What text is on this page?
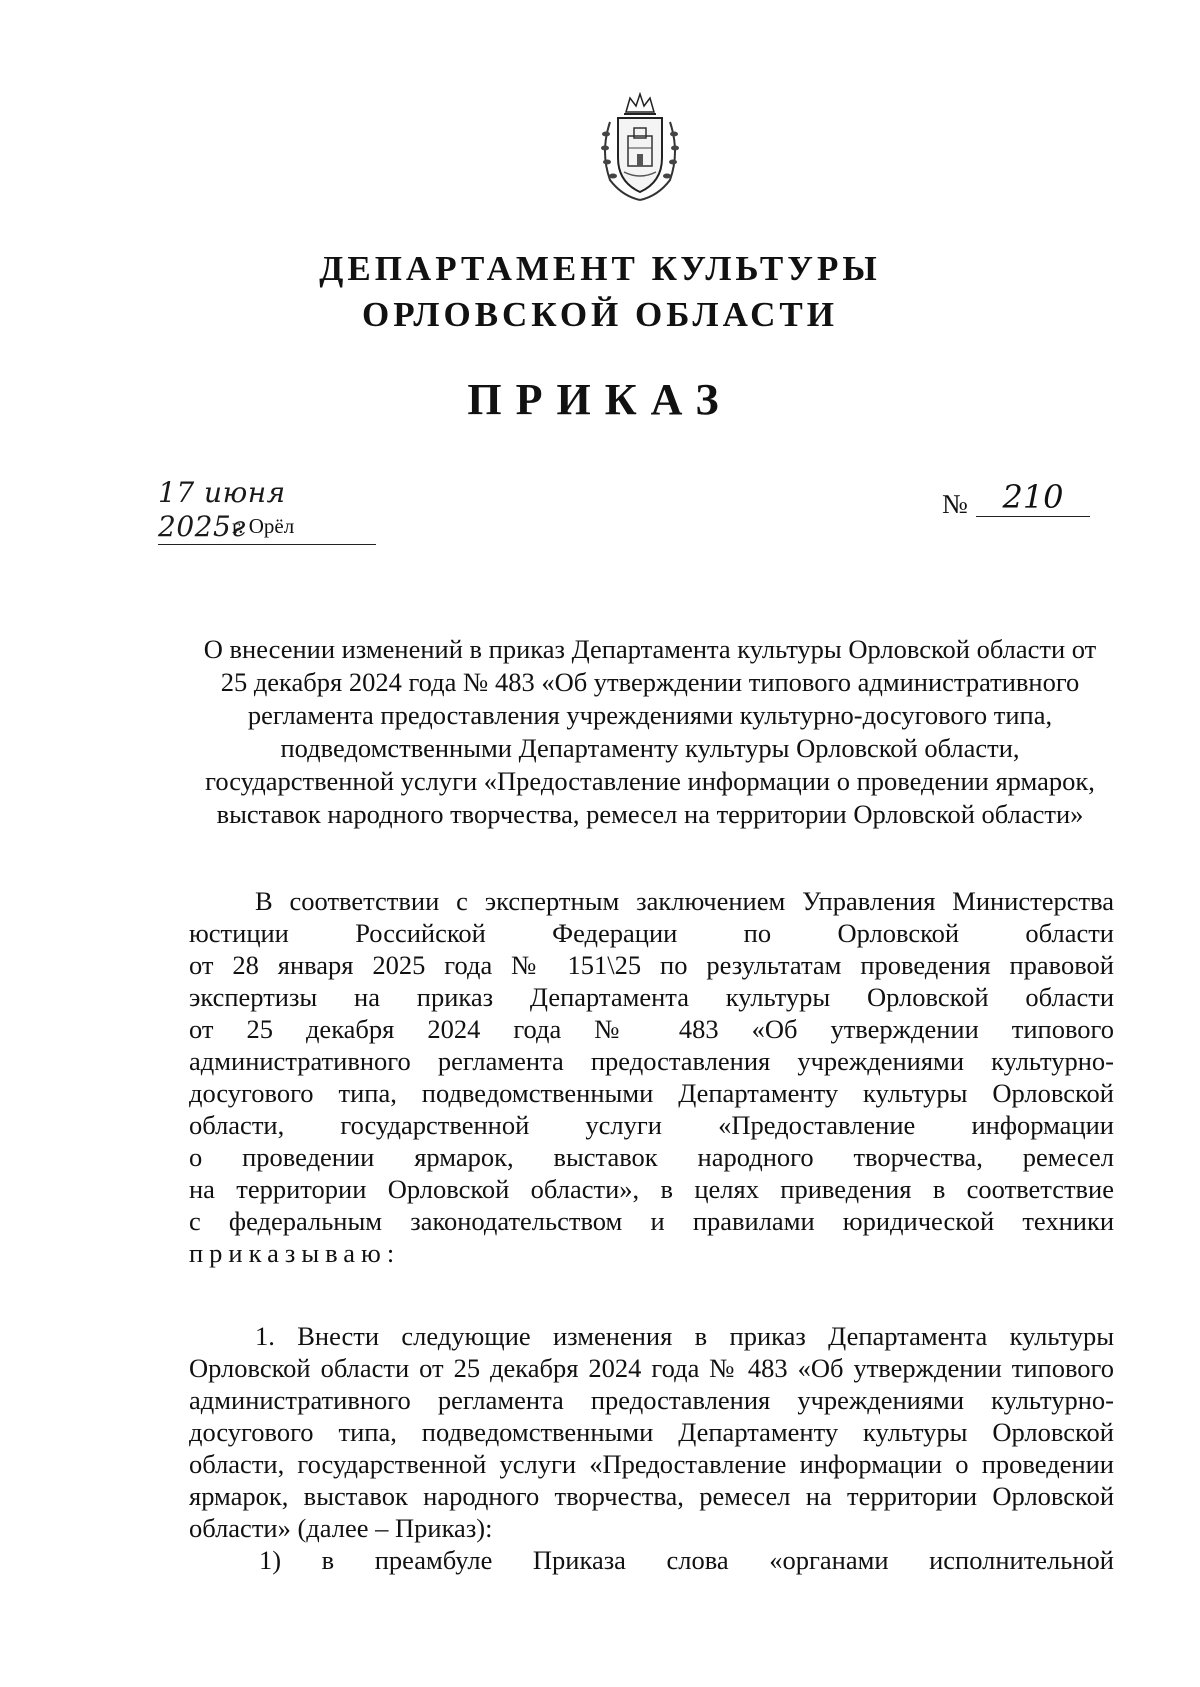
ДЕПАРТАМЕНТ КУЛЬТУРЫ
ОРЛОВСКОЙ ОБЛАСТИ
ПРИКАЗ
17 июня 2025г
г. Орёл
№	210
О внесении изменений в приказ Департамента культуры Орловской области от
25 декабря 2024 года № 483 «Об утверждении типового административного
регламента предоставления учреждениями культурно-досугового типа,
подведомственными Департаменту культуры Орловской области,
государственной услуги «Предоставление информации о проведении ярмарок,
выставок народного творчества, ремесел на территории Орловской области»
В соответствии с экспертным заключением Управления Министерства
юстиции Российской Федерации по Орловской области
от 28 января 2025 года № 151\25 по результатам проведения правовой
экспертизы на приказ Департамента культуры Орловской области
от 25 декабря 2024 года № 483 «Об утверждении типового
административного регламента предоставления учреждениями культурно-
досугового типа, подведомственными Департаменту культуры Орловской
области, государственной услуги «Предоставление информации
о проведении ярмарок, выставок народного творчества, ремесел
на территории Орловской области», в целях приведения в соответствие
с федеральным законодательством и правилами юридической техники
приказываю:
1. Внести следующие изменения в приказ Департамента культуры
Орловской области от 25 декабря 2024 года № 483 «Об утверждении типового
административного регламента предоставления учреждениями культурно-
досугового типа, подведомственными Департаменту культуры Орловской
области, государственной услуги «Предоставление информации о проведении
ярмарок, выставок народного творчества, ремесел на территории Орловской
области» (далее – Приказ):
1) в преамбуле Приказа слова «органами исполнительной
